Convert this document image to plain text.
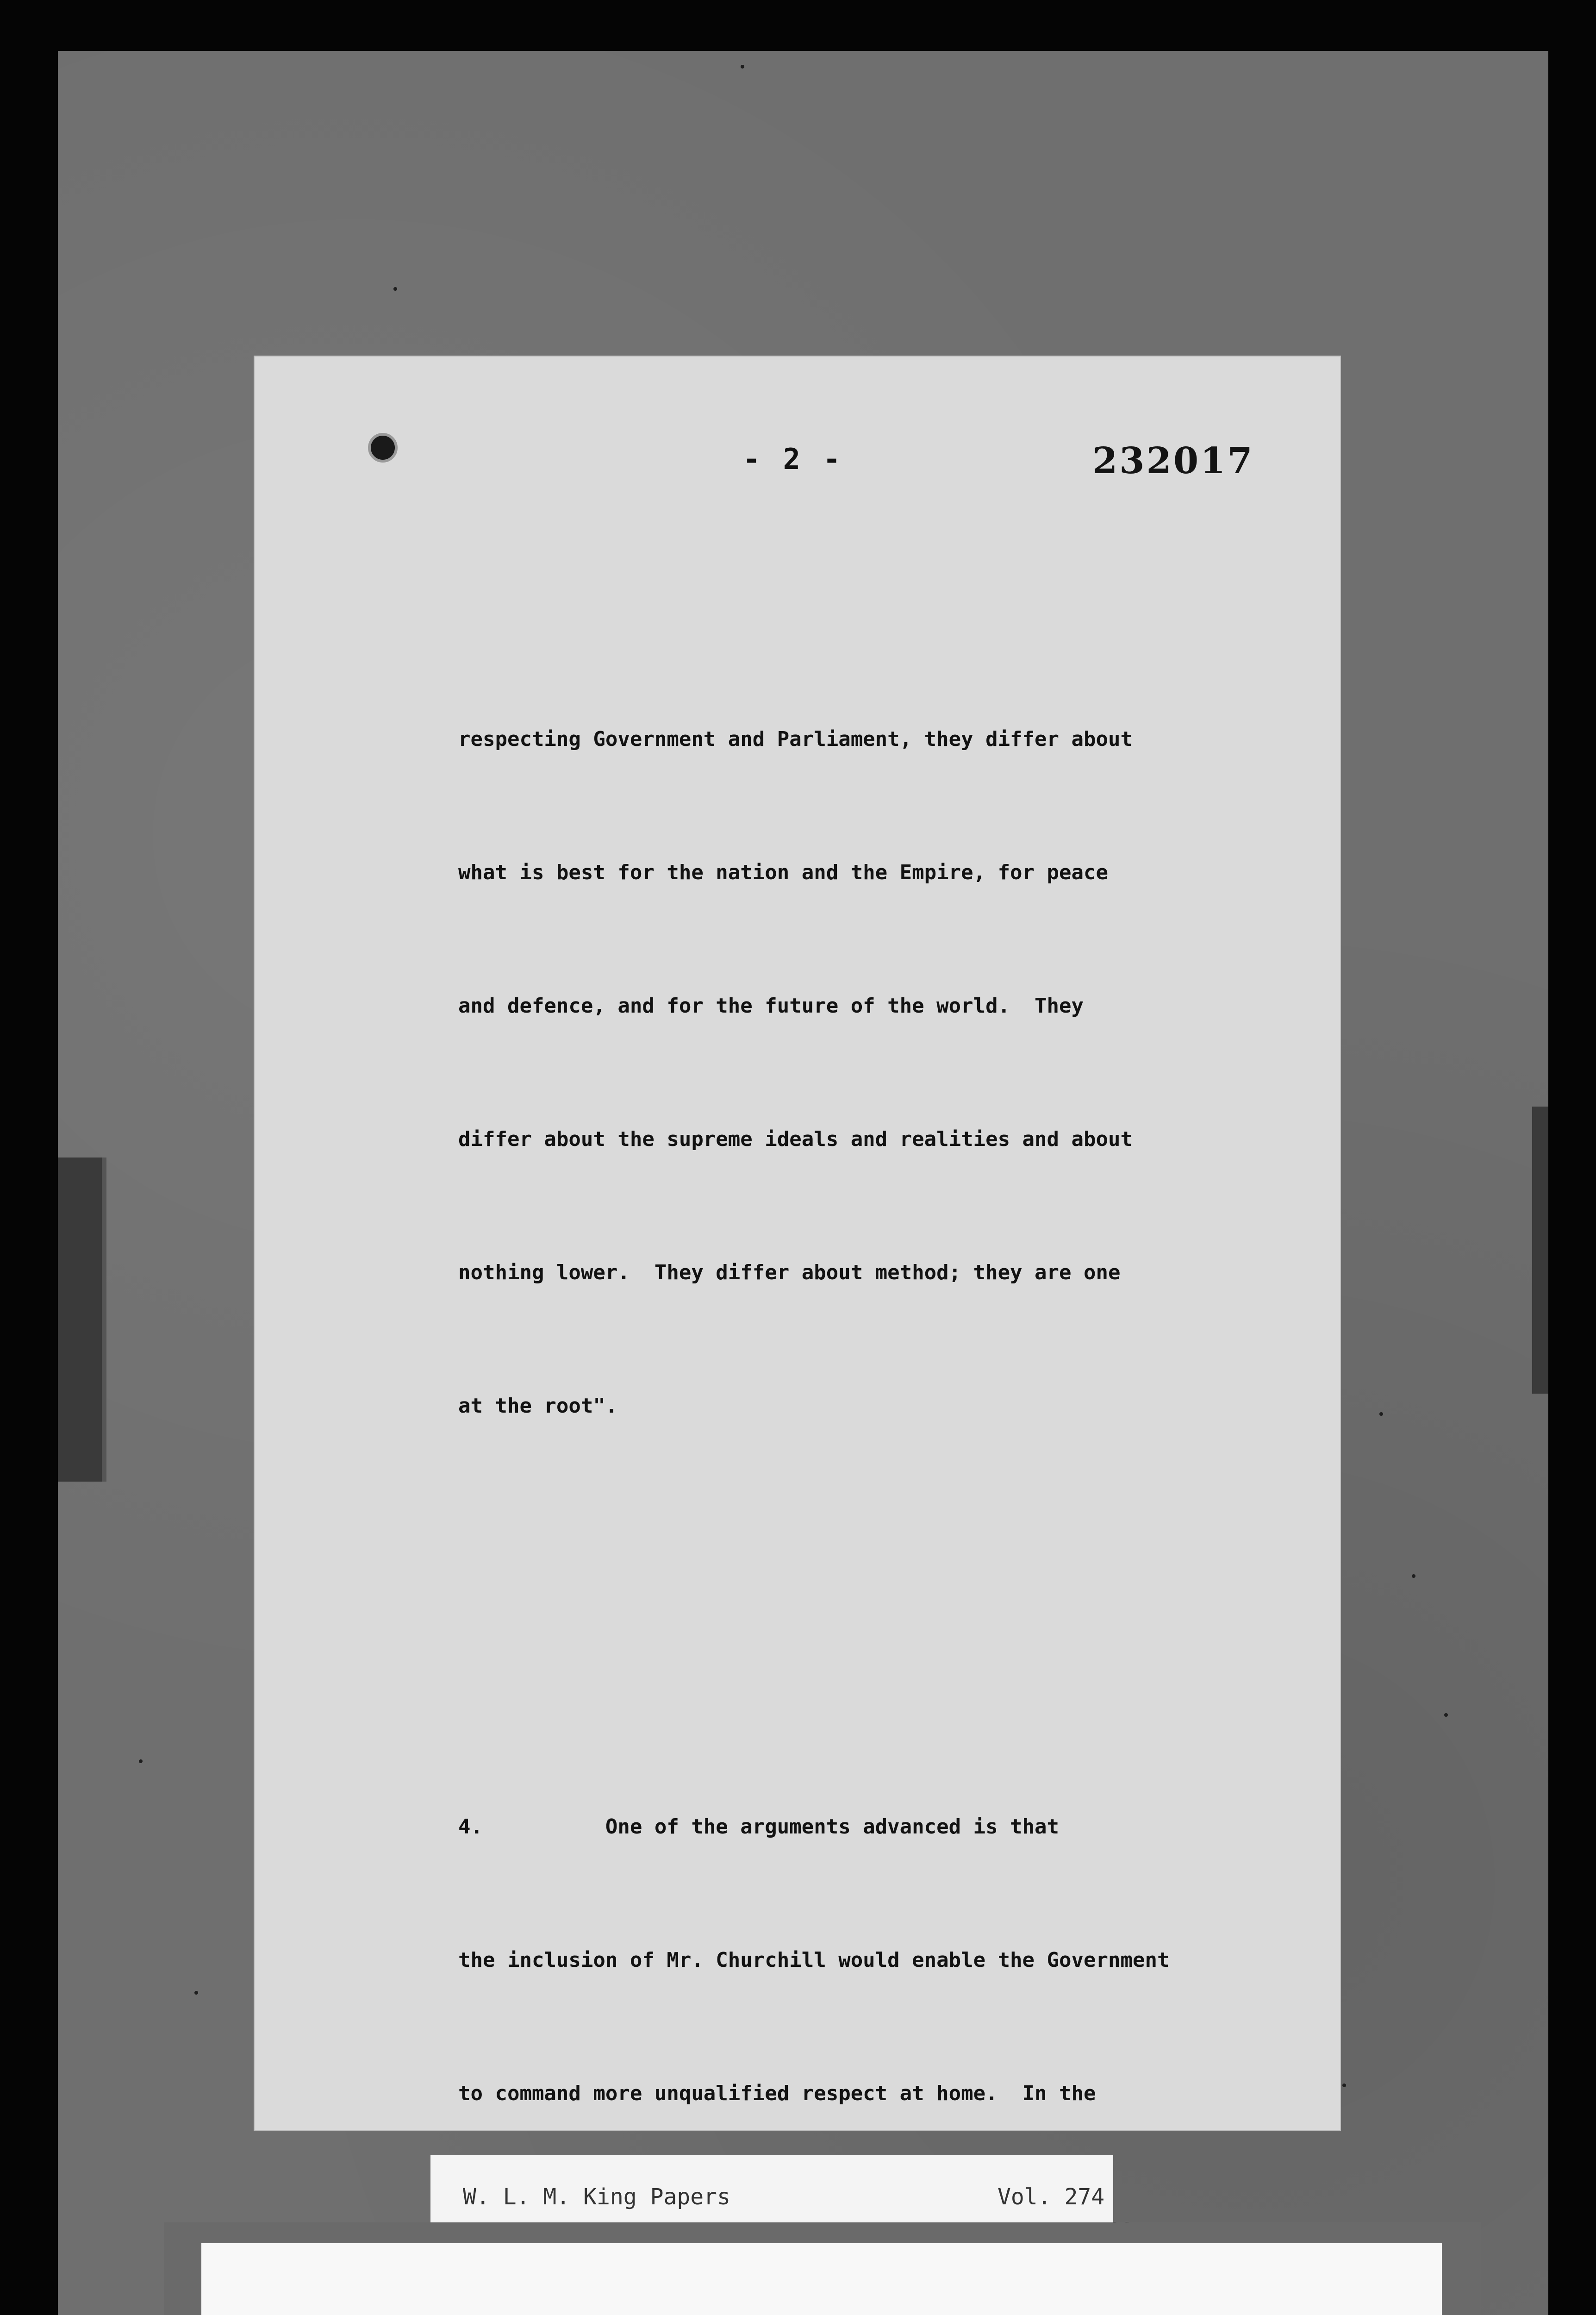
- 2 -	232017

respecting Government and Parliament, they differ about

what is best for the nation and the Empire, for peace

and defence, and for the future of the world.  They

differ about the supreme ideals and realities and about

nothing lower.  They differ about method; they are one

at the root".

4.          One of the arguments advanced is that

the inclusion of Mr. Churchill would enable the Government

to command more unqualified respect at home.  In the

W. L. M. King Papers	Vol. 274
